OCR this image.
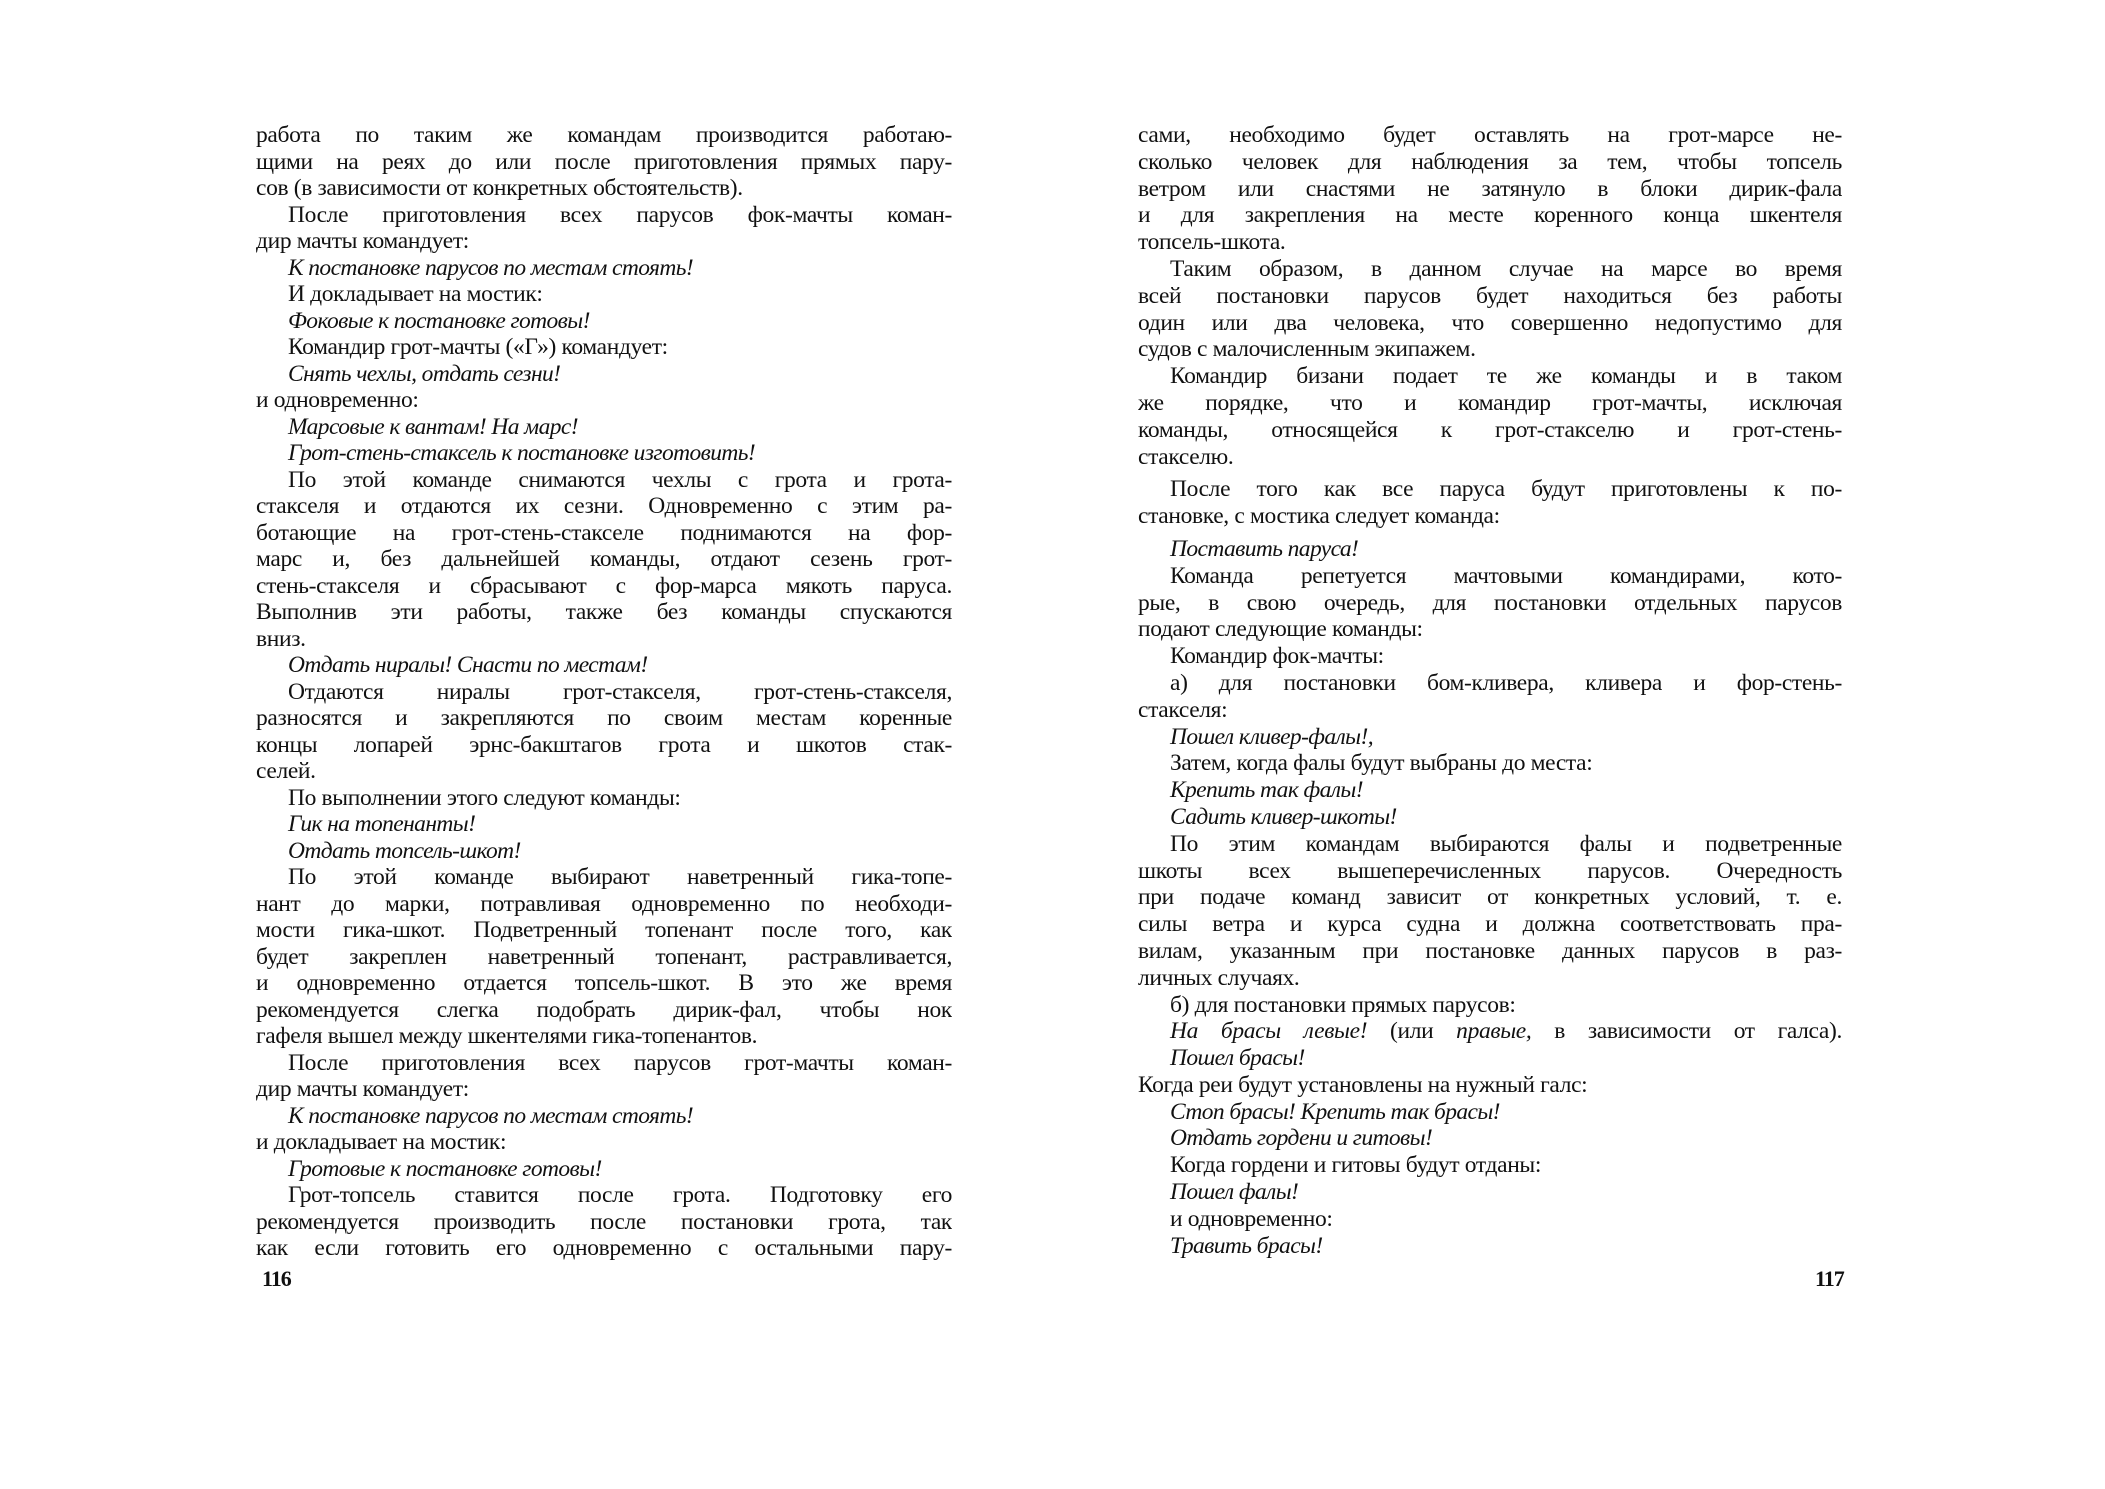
работа по таким же командам производится работаю-
щими на реях до или после приготовления прямых пару-
сов (в зависимости от конкретных обстоятельств).
После приготовления всех парусов фок-мачты коман-
дир мачты командует:
К постановке парусов по местам стоять!
И докладывает на мостик:
Фоковые к постановке готовы!
Командир грот-мачты («Г») командует:
Снять чехлы, отдать сезни!
и одновременно:
Марсовые к вантам! На марс!
Грот-стень-стаксель к постановке изготовить!
По этой команде снимаются чехлы с грота и грота-
стакселя и отдаются их сезни. Одновременно с этим ра-
ботающие на грот-стень-стакселе поднимаются на фор-
марс и, без дальнейшей команды, отдают сезень грот-
стень-стакселя и сбрасывают с фор-марса мякоть паруса.
Выполнив эти работы, также без команды спускаются
вниз.
Отдать ниралы! Снасти по местам!
Отдаются ниралы грот-стакселя, грот-стень-стакселя,
разносятся и закрепляются по своим местам коренные
концы лопарей эрнс-бакштагов грота и шкотов стак-
селей.
По выполнении этого следуют команды:
Гик на топенанты!
Отдать топсель-шкот!
По этой команде выбирают наветренный гика-топе-
нант до марки, потравливая одновременно по необходи-
мости гика-шкот. Подветренный топенант после того, как
будет закреплен наветренный топенант, растравливается,
и одновременно отдается топсель-шкот. В это же время
рекомендуется слегка подобрать дирик-фал, чтобы нок
гафеля вышел между шкентелями гика-топенантов.
После приготовления всех парусов грот-мачты коман-
дир мачты командует:
К постановке парусов по местам стоять!
и докладывает на мостик:
Гротовые к постановке готовы!
Грот-топсель ставится после грота. Подготовку его
рекомендуется производить после постановки грота, так
как если готовить его одновременно с остальными пару-
116
сами, необходимо будет оставлять на грот-марсе не-
сколько человек для наблюдения за тем, чтобы топсель
ветром или снастями не затянуло в блоки дирик-фала
и для закрепления на месте коренного конца шкентеля
топсель-шкота.
Таким образом, в данном случае на марсе во время
всей постановки парусов будет находиться без работы
один или два человека, что совершенно недопустимо для
судов с малочисленным экипажем.
Командир бизани подает те же команды и в таком
же порядке, что и командир грот-мачты, исключая
команды, относящейся к грот-стакселю и грот-стень-
стакселю.
После того как все паруса будут приготовлены к по-
становке, с мостика следует команда:
Поставить паруса!
Команда репетуется мачтовыми командирами, кото-
рые, в свою очередь, для постановки отдельных парусов
подают следующие команды:
Командир фок-мачты:
а) для постановки бом-кливера, кливера и фор-стень-
стакселя:
Пошел кливер-фалы!,
Затем, когда фалы будут выбраны до места:
Крепить так фалы!
Садить кливер-шкоты!
По этим командам выбираются фалы и подветренные
шкоты всех вышеперечисленных парусов. Очередность
при подаче команд зависит от конкретных условий, т. е.
силы ветра и курса судна и должна соответствовать пра-
вилам, указанным при постановке данных парусов в раз-
личных случаях.
б) для постановки прямых парусов:
На брасы левые! (или правые, в зависимости от галса).
Пошел брасы!
Когда реи будут установлены на нужный галс:
Стоп брасы! Крепить так брасы!
Отдать гордени и гитовы!
Когда гордени и гитовы будут отданы:
Пошел фалы!
и одновременно:
Травить брасы!
117
